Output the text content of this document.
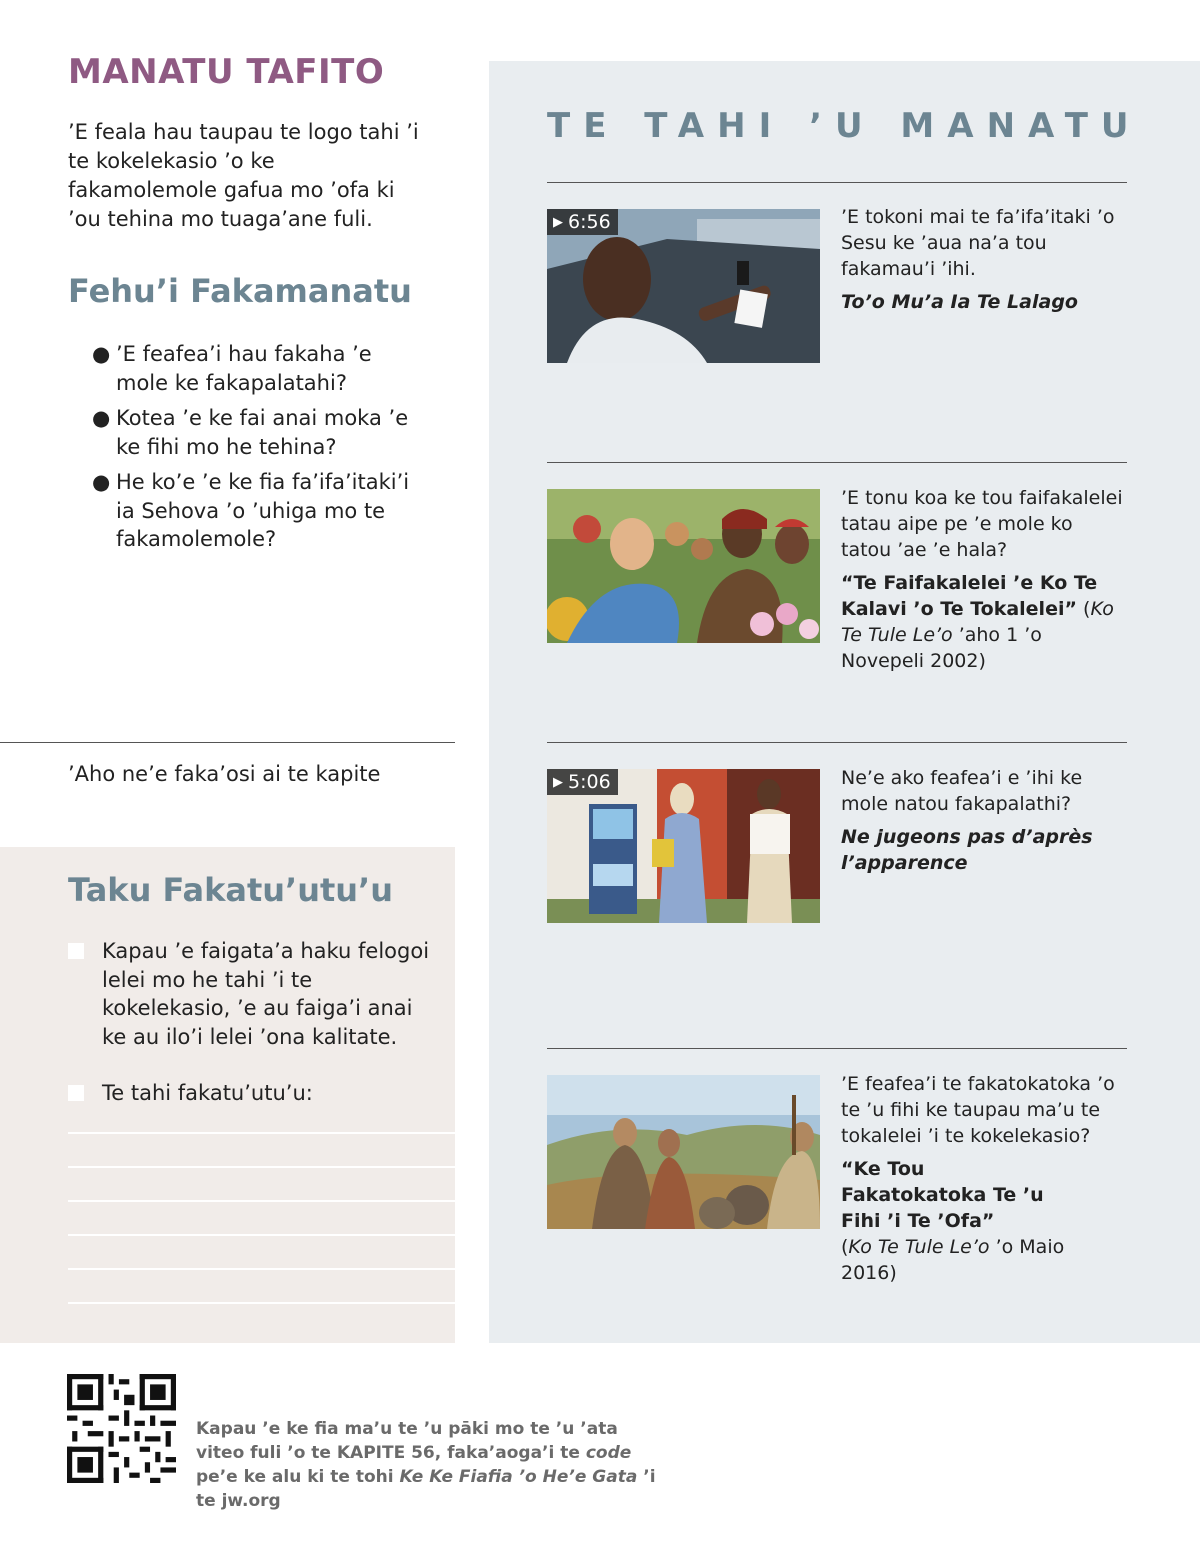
MANATU TAFITO
’E feala hau taupau te logo tahi ’i te kokelekasio ’o ke fakamolemole gafua mo ’ofa ki ’ou tehina mo tuaga’ane fuli.
Fehu’i Fakamanatu
● ’E feafea’i hau fakaha ’e mole ke fakapalatahi?
● Kotea ’e ke fai anai moka ’e ke fihi mo he tehina?
● He ko’e ’e ke fia fa’ifa’itaki’i ia Sehova ’o ’uhiga mo te fakamolemole?
’Aho ne’e faka’osi ai te kapite
Taku Fakatu’utu’u
Kapau ’e faigata’a haku felogoi lelei mo he tahi ’i te kokelekasio, ’e au faiga’i anai ke au ilo’i lelei ’ona kalitate.
Te tahi fakatu’utu’u:
TE TAHI ’U MANATU
▶ 6:56	’E tokoni mai te fa’ifa’itaki ’o Sesu ke ’aua na’a tou fakamau’i ’ihi.
To’o Mu’a Ia Te Lalago
’E tonu koa ke tou faifakalelei tatau aipe pe ’e mole ko tatou ’ae ’e hala?
“Te Faifakalelei ’e Ko Te Kalavi ’o Te Tokalelei” (Ko Te Tule Le’o ’aho 1 ’o Novepeli 2002)
▶ 5:06	Ne’e ako feafea’i e ’ihi ke mole natou fakapalathi?
Ne jugeons pas d’après l’apparence
’E feafea’i te fakatokatoka ’o te ’u fihi ke taupau ma’u te tokalelei ’i te kokelekasio?
“Ke Tou Fakatokatoka Te ’u Fihi ’i Te ’Ofa”
(Ko Te Tule Le’o ’o Maio 2016)
Kapau ’e ke fia ma’u te ’u pāki mo te ’u ’ata viteo fuli ’o te KAPITE 56, faka’aoga’i te code pe’e ke alu ki te tohi Ke Ke Fiafia ’o He’e Gata ’i te jw.org
